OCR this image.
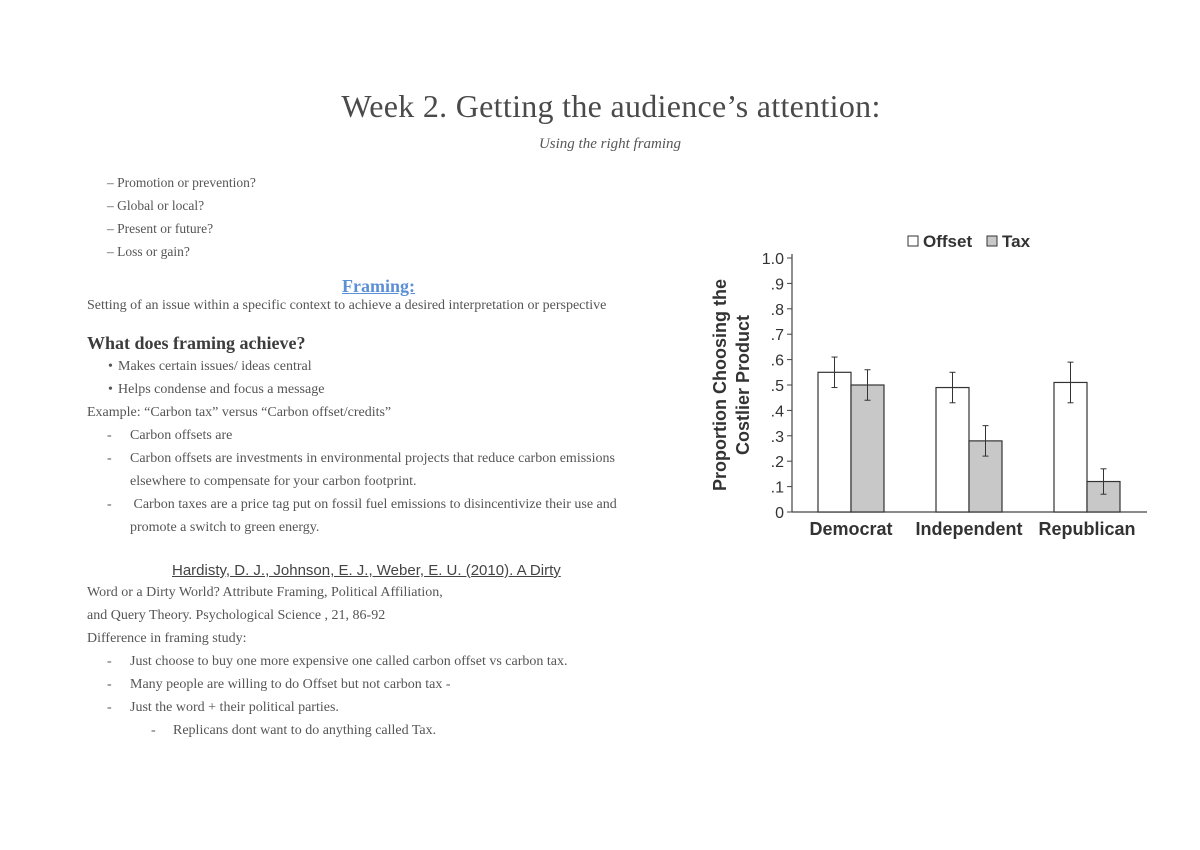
Week 2. Getting the audience’s attention:
Using the right framing
– Promotion or prevention?
– Global or local?
– Present or future?
– Loss or gain?
Framing:
Setting of an issue within a specific context to achieve a desired interpretation or perspective
What does framing achieve?
• Makes certain issues/ ideas central
• Helps condense and focus a message
Example: “Carbon tax” versus “Carbon offset/credits”
- Carbon offsets are
- Carbon offsets are investments in environmental projects that reduce carbon emissions
elsewhere to compensate for your carbon footprint.
- Carbon taxes are a price tag put on fossil fuel emissions to disincentivize their use and
promote a switch to green energy.
Hardisty, D. J., Johnson, E. J., Weber, E. U. (2010). A Dirty
Word or a Dirty World? Attribute Framing, Political Affiliation,
and Query Theory. Psychological Science , 21, 86-92
Difference in framing study:
- Just choose to buy one more expensive one called carbon offset vs carbon tax.
- Many people are willing to do Offset but not carbon tax -
- Just the word + their political parties.
- Replicans dont want to do anything called Tax.
0
.1
.2
.3
.4
.5
.6
.7
.8
.9
1.0
Proportion Choosing the Costlier Product
Democrat Independent Republican
Offset Tax
